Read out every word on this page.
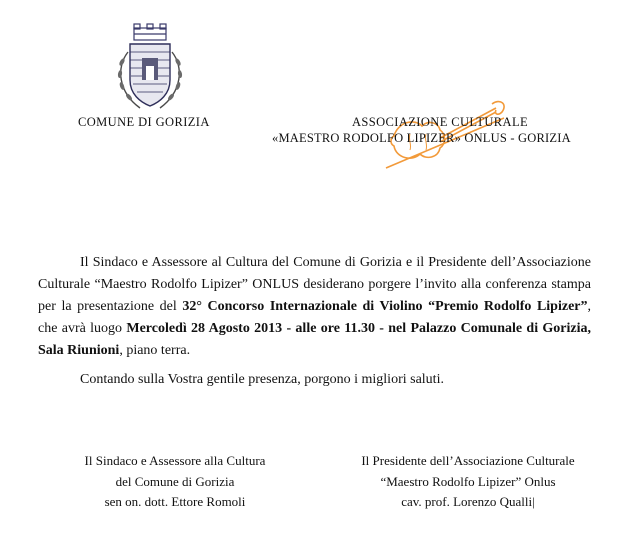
COMUNE DI GORIZIA	ASSOCIAZIONE CULTURALE
«MAESTRO RODOLFO LIPIZER» ONLUS - GORIZIA
Il Sindaco e Assessore al Cultura del Comune di Gorizia e il Presidente dell’Associazione Culturale “Maestro Rodolfo Lipizer” ONLUS desiderano porgere l’invito alla conferenza stampa per la presentazione del 32° Concorso Internazionale di Violino “Premio Rodolfo Lipizer”, che avrà luogo Mercoledì 28 Agosto 2013 - alle ore 11.30 - nel Palazzo Comunale di Gorizia, Sala Riunioni, piano terra.
Contando sulla Vostra gentile presenza, porgono i migliori saluti.
Il Sindaco e Assessore alla Cultura
del Comune di Gorizia
sen on. dott. Ettore Romoli
Il Presidente dell’Associazione Culturale
“Maestro Rodolfo Lipizer” Onlus
cav. prof. Lorenzo Qualli|
